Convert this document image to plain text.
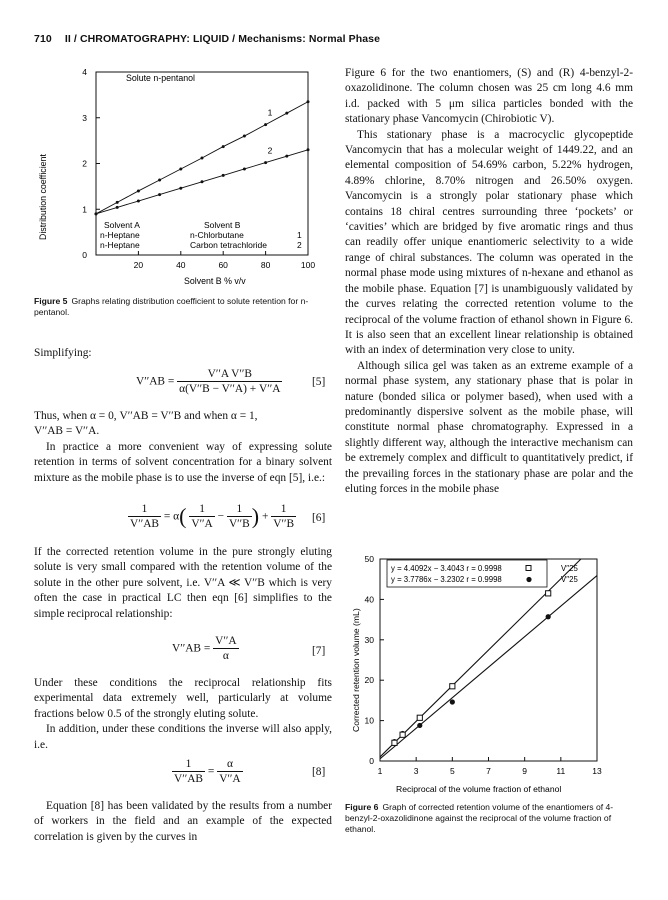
710 II / CHROMATOGRAPHY: LIQUID / Mechanisms: Normal Phase
0
1
2
3
4
20	40	60	80	100
1
2
Solute n-pentanol
Solvent A	Solvent B
n-Heptane	n-Chlorbutane	1
n-Heptane	Carbon tetrachloride	2
Solvent B % v/v
Distribution coefficient
Figure 5 Graphs relating distribution coefficient to solute retention for n-pentanol.

Simplifying:

$V''AB = \frac{\text{V′′A V′′B}}{\alpha(V''B - V''A) + V''A}$	[5]

Thus, when α = 0, V′′AB = V′′B and when α = 1,

V′′AB = V′′A.

In practice a more convenient way of expressing solute retention in terms of solvent concentration for a binary solvent mixture as the mobile phase is to use the inverse of eqn [5], i.e.:

$\frac{1}{V''AB} = \alpha( \frac{1}{V''A} - \frac{1}{V''B}$ ) + $\frac{1}{V''B} [6]$

If the corrected retention volume in the pure strongly eluting solute is very small compared with the retention volume of the solute in the other pure solvent, i.e. V′′A ≪ V′′B which is very often the case in practical LC then eqn [6] simplifies to the simple reciprocal relationship:

$V''AB = \frac{V''A}{\alpha}$	[7]

Under these conditions the reciprocal relationship fits experimental data extremely well, particularly at volume fractions below 0.5 of the strongly eluting solute.

In addition, under these conditions the inverse will also apply, i.e.

$\frac{1}{V''AB} = \frac{\alpha}{V''A}$	[8]

Equation [8] has been validated by the results from a number of workers in the field and an example of the expected correlation is given by the curves in

Figure 6 for the two enantiomers, (S) and (R) 4-benzyl-2-oxazolidinone. The column chosen was 25 cm long 4.6 mm i.d. packed with 5 μm silica particles bonded with the stationary phase Vancomycin (Chirobiotic V).

This stationary phase is a macrocyclic glycopeptide Vancomycin that has a molecular weight of 1449.22, and an elemental composition of 54.69% carbon, 5.22% hydrogen, 4.89% chlorine, 8.70% nitrogen and 26.50% oxygen. Vancomycin is a strongly polar stationary phase which contains 18 chiral centres surrounding three ‘pockets’ or ‘cavities’ which are bridged by five aromatic rings and thus can readily offer unique enantiomeric selectivity to a wide range of chiral substances. The column was operated in the normal phase mode using mixtures of n-hexane and ethanol as the mobile phase. Equation [7] is unambiguously validated by the curves relating the corrected retention volume to the reciprocal of the volume fraction of ethanol shown in Figure 6. It is also seen that an excellent linear relationship is obtained with an index of determination very close to unity.

Although silica gel was taken as an extreme example of a normal phase system, any stationary phase that is polar in nature (bonded silica or polymer based), when used with a predominantly dispersive solvent as the mobile phase, will constitute normal phase chromatography. Expressed in a slightly different way, although the interactive mechanism can be extremely complex and difficult to quantitatively predict, if the prevailing forces in the stationary phase are polar and the eluting forces in the mobile phase

0
10
20
30
40
50
1	3	5	7	9	11	13
y = 4.4092x − 3.4043 r = 0.9998
y = 3.7786x − 3.2302 r = 0.9998
V′′25
V′′25
Reciprocal of the volume fraction of ethanol
Corrected retention volume (mL)
Figure 6 Graph of corrected retention volume of the enantiomers of 4-benzyl-2-oxazolidinone against the reciprocal of the volume fraction of ethanol.
